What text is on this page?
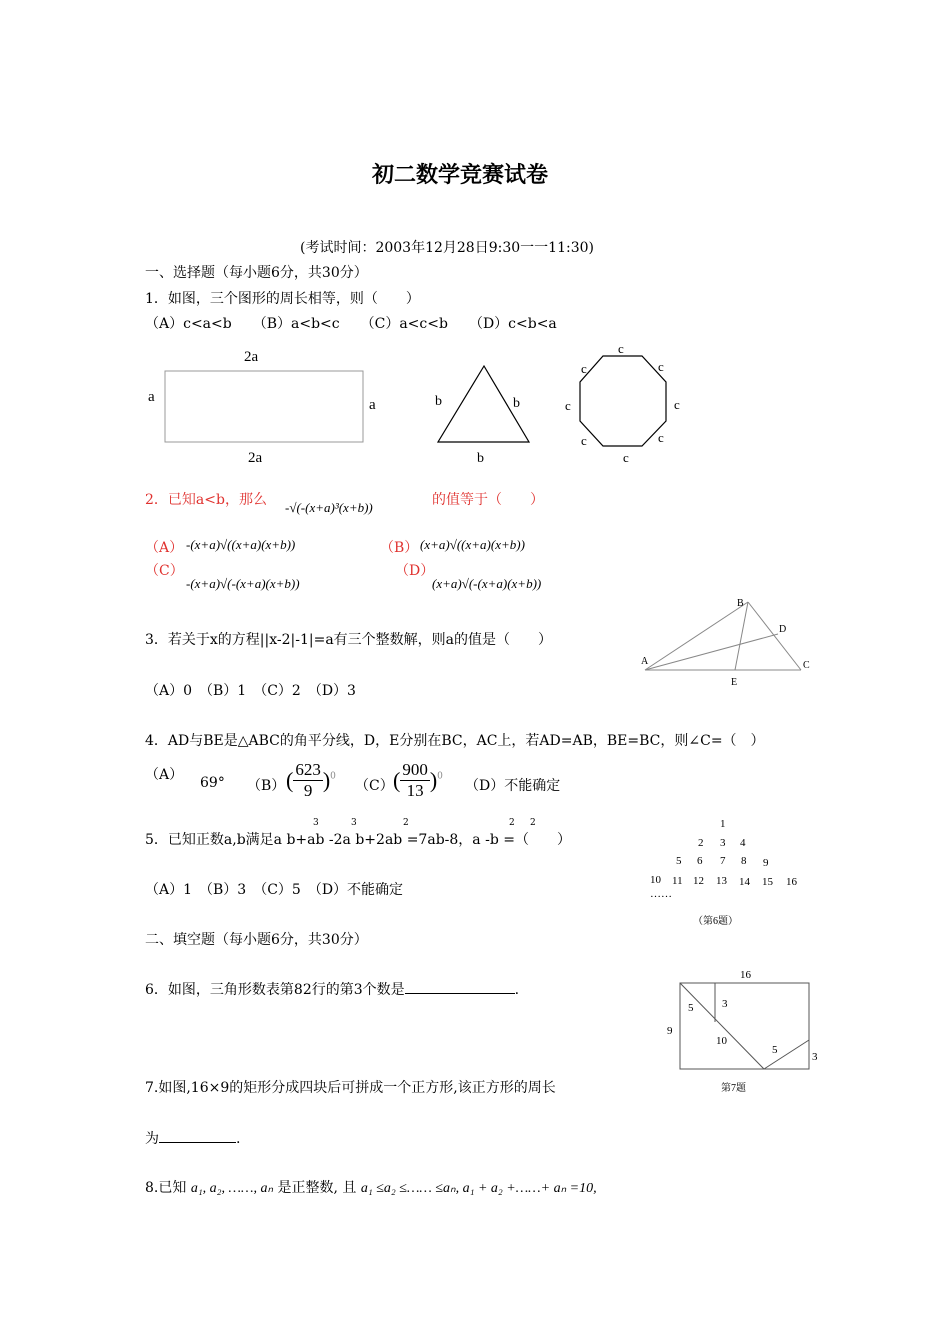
初二数学竞赛试卷
(考试时间：2003年12月28日9:30一一11:30)
一、选择题（每小题6分，共30分）
1．如图，三个图形的周长相等，则（　　）
（A）c<a<b　　（B）a<b<c　　（C）a<c<b　　（D）c<b<a
2a
2a
a	a	b	b
b
c
c
c
c
c
c
c
c
2．已知a<b，那么 -√(-(x+a)³(x+b))	的值等于（　　）
（A） -(x+a)√((x+a)(x+b))	（B） (x+a)√((x+a)(x+b))
（C）
-(x+a)√(-(x+a)(x+b))
（D）
(x+a)√(-(x+a)(x+b))
3．若关于x的方程||x-2|-1|=a有三个整数解，则a的值是（　　）
（A）0　（B）1　（C）2　（D）3
A
B
C
D
E
4．AD与BE是△ABC的角平分线，D，E分别在BC，AC上，若AD=AB，BE=BC，则∠C=（　）
（A） 69° （B） ( $\frac{623}{9} )^0$
（C） ( $\frac{900}{13} )^0$
（D）不能确定
5．已知正数a,b满足a b+ab -2a b+2ab =7ab-8，a -b =（　　）
3	3	2	2 2
（A）1　（B）3　（C）5　（D）不能确定
1
2 3 4
5 6 7 8 9
10 11 12 13 14 15 16
……
（第6题）
二、填空题（每小题6分，共30分）
6．如图，三角形数表第82行的第3个数是	.
16
9
3
5	3
10
5
第7题
7.如图,16×9的矩形分成四块后可拼成一个正方形,该正方形的周长
为	.
8.已知 a₁, a₂, ……, aₙ 是正整数, 且 a₁ ≤a₂ ≤…… ≤aₙ, a₁ + a₂ +……+ aₙ =10,
